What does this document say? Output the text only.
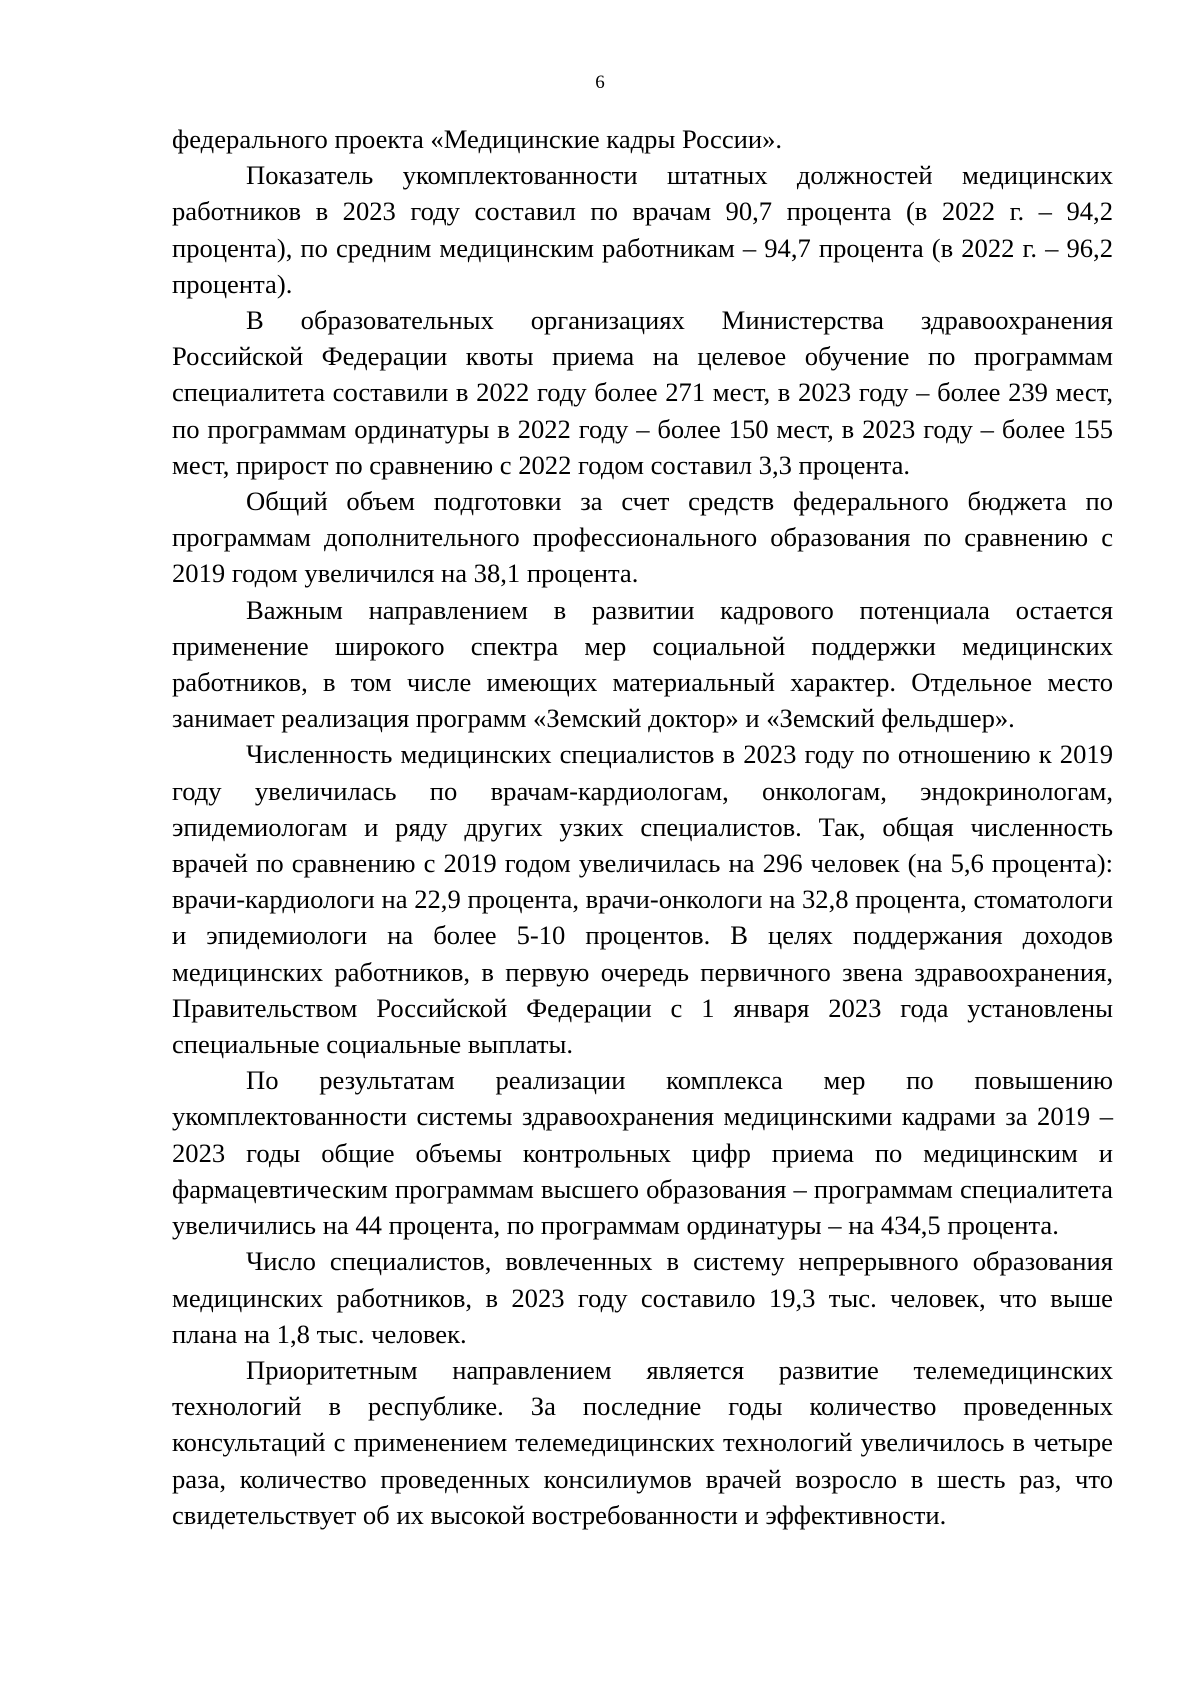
6

федерального проекта «Медицинские кадры России».

Показатель укомплектованности штатных должностей медицинских работников в 2023 году составил по врачам 90,7 процента (в 2022 г. – 94,2 процента), по средним медицинским работникам – 94,7 процента (в 2022 г. – 96,2 процента).

В образовательных организациях Министерства здравоохранения Российской Федерации квоты приема на целевое обучение по программам специалитета составили в 2022 году более 271 мест, в 2023 году – более 239 мест, по программам ординатуры в 2022 году – более 150 мест, в 2023 году – более 155 мест, прирост по сравнению с 2022 годом составил 3,3 процента.

Общий объем подготовки за счет средств федерального бюджета по программам дополнительного профессионального образования по сравнению с 2019 годом увеличился на 38,1 процента.

Важным направлением в развитии кадрового потенциала остается применение широкого спектра мер социальной поддержки медицинских работников, в том числе имеющих материальный характер. Отдельное место занимает реализация программ «Земский доктор» и «Земский фельдшер».

Численность медицинских специалистов в 2023 году по отношению к 2019 году увеличилась по врачам-кардиологам, онкологам, эндокринологам, эпидемиологам и ряду других узких специалистов. Так, общая численность врачей по сравнению с 2019 годом увеличилась на 296 человек (на 5,6 процента): врачи-кардиологи на 22,9 процента, врачи-онкологи на 32,8 процента, стоматологи и эпидемиологи на более 5-10 процентов. В целях поддержания доходов медицинских работников, в первую очередь первичного звена здравоохранения, Правительством Российской Федерации с 1 января 2023 года установлены специальные социальные выплаты.

По результатам реализации комплекса мер по повышению укомплектованности системы здравоохранения медицинскими кадрами за 2019 – 2023 годы общие объемы контрольных цифр приема по медицинским и фармацевтическим программам высшего образования – программам специалитета увеличились на 44 процента, по программам ординатуры – на 434,5 процента.

Число специалистов, вовлеченных в систему непрерывного образования медицинских работников, в 2023 году составило 19,3 тыс. человек, что выше плана на 1,8 тыс. человек.

Приоритетным направлением является развитие телемедицинских технологий в республике. За последние годы количество проведенных консультаций с применением телемедицинских технологий увеличилось в четыре раза, количество проведенных консилиумов врачей возросло в шесть раз, что свидетельствует об их высокой востребованности и эффективности.
